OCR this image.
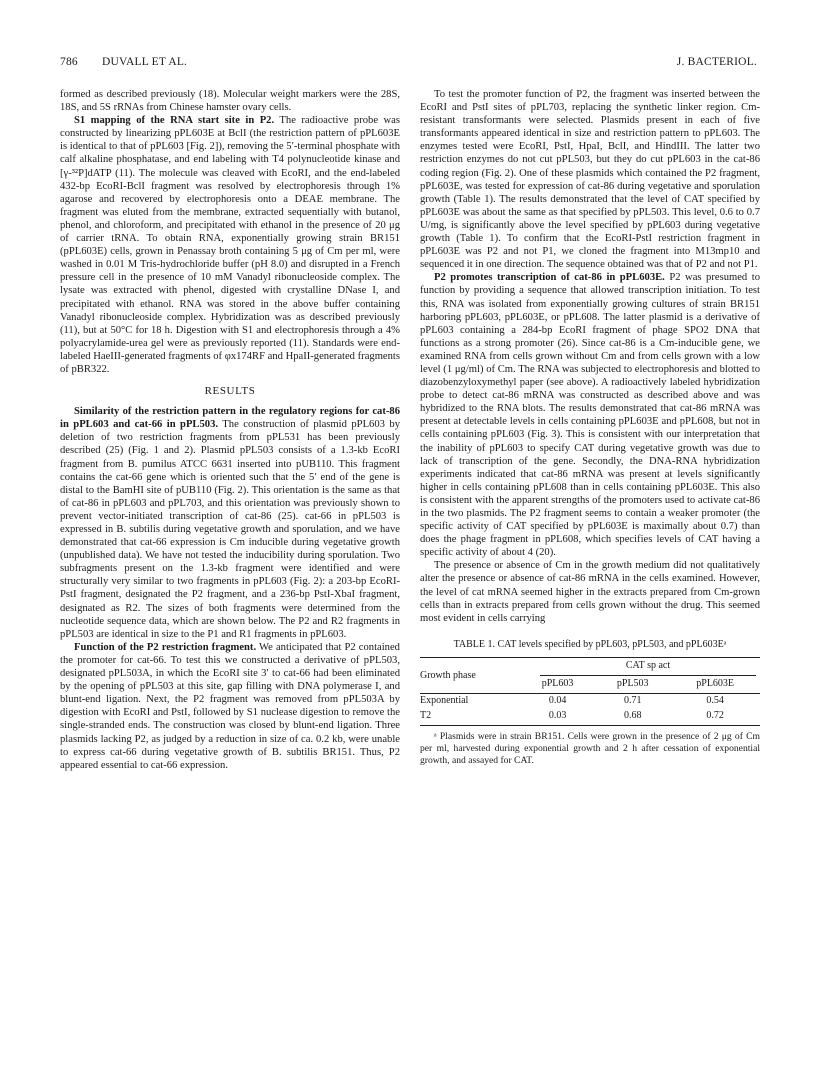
786 DUVALL ET AL.	J. BACTERIOL.

formed as described previously (18). Molecular weight markers were the 28S, 18S, and 5S rRNAs from Chinese hamster ovary cells.

S1 mapping of the RNA start site in P2. The radioactive probe was constructed by linearizing pPL603E at BclI (the restriction pattern of pPL603E is identical to that of pPL603 [Fig. 2]), removing the 5′-terminal phosphate with calf alkaline phosphatase, and end labeling with T4 polynucleotide kinase and [γ-³²P]dATP (11). The molecule was cleaved with EcoRI, and the end-labeled 432-bp EcoRI-BclI fragment was resolved by electrophoresis through 1% agarose and recovered by electrophoresis onto a DEAE membrane. The fragment was eluted from the membrane, extracted sequentially with butanol, phenol, and chloroform, and precipitated with ethanol in the presence of 20 μg of carrier tRNA. To obtain RNA, exponentially growing strain BR151 (pPL603E) cells, grown in Penassay broth containing 5 μg of Cm per ml, were washed in 0.01 M Tris-hydrochloride buffer (pH 8.0) and disrupted in a French pressure cell in the presence of 10 mM Vanadyl ribonucleoside complex. The lysate was extracted with phenol, digested with crystalline DNase I, and precipitated with ethanol. RNA was stored in the above buffer containing Vanadyl ribonucleoside complex. Hybridization was as described previously (11), but at 50°C for 18 h. Digestion with S1 and electrophoresis through a 4% polyacrylamide-urea gel were as previously reported (11). Standards were end-labeled HaeIII-generated fragments of φx174RF and HpaII-generated fragments of pBR322.

RESULTS

Similarity of the restriction pattern in the regulatory regions for cat-86 in pPL603 and cat-66 in pPL503. The construction of plasmid pPL603 by deletion of two restriction fragments from pPL531 has been previously described (25) (Fig. 1 and 2). Plasmid pPL503 consists of a 1.3-kb EcoRI fragment from B. pumilus ATCC 6631 inserted into pUB110. This fragment contains the cat-66 gene which is oriented such that the 5′ end of the gene is distal to the BamHI site of pUB110 (Fig. 2). This orientation is the same as that of cat-86 in pPL603 and pPL703, and this orientation was previously shown to prevent vector-initiated transcription of cat-86 (25). cat-66 in pPL503 is expressed in B. subtilis during vegetative growth and sporulation, and we have demonstrated that cat-66 expression is Cm inducible during vegetative growth (unpublished data). We have not tested the inducibility during sporulation. Two subfragments present on the 1.3-kb fragment were identified and were structurally very similar to two fragments in pPL603 (Fig. 2): a 203-bp EcoRI-PstI fragment, designated the P2 fragment, and a 236-bp PstI-XbaI fragment, designated as R2. The sizes of both fragments were determined from the nucleotide sequence data, which are shown below. The P2 and R2 fragments in pPL503 are identical in size to the P1 and R1 fragments in pPL603.

Function of the P2 restriction fragment. We anticipated that P2 contained the promoter for cat-66. To test this we constructed a derivative of pPL503, designated pPL503A, in which the EcoRI site 3′ to cat-66 had been eliminated by the opening of pPL503 at this site, gap filling with DNA polymerase I, and blunt-end ligation. Next, the P2 fragment was removed from pPL503A by digestion with EcoRI and PstI, followed by S1 nuclease digestion to remove the single-stranded ends. The construction was closed by blunt-end ligation. Three plasmids lacking P2, as judged by a reduction in size of ca. 0.2 kb, were unable to express cat-66 during vegetative growth of B. subtilis BR151. Thus, P2 appeared essential to cat-66 expression.

To test the promoter function of P2, the fragment was inserted between the EcoRI and PstI sites of pPL703, replacing the synthetic linker region. Cm-resistant transformants were selected. Plasmids present in each of five transformants appeared identical in size and restriction pattern to pPL603. The enzymes tested were EcoRI, PstI, HpaI, BclI, and HindIII. The latter two restriction enzymes do not cut pPL503, but they do cut pPL603 in the cat-86 coding region (Fig. 2). One of these plasmids which contained the P2 fragment, pPL603E, was tested for expression of cat-86 during vegetative and sporulation growth (Table 1). The results demonstrated that the level of CAT specified by pPL603E was about the same as that specified by pPL503. This level, 0.6 to 0.7 U/mg, is significantly above the level specified by pPL603 during vegetative growth (Table 1). To confirm that the EcoRI-PstI restriction fragment in pPL603E was P2 and not P1, we cloned the fragment into M13mp10 and sequenced it in one direction. The sequence obtained was that of P2 and not P1.

P2 promotes transcription of cat-86 in pPL603E. P2 was presumed to function by providing a sequence that allowed transcription initiation. To test this, RNA was isolated from exponentially growing cultures of strain BR151 harboring pPL603, pPL603E, or pPL608. The latter plasmid is a derivative of pPL603 containing a 284-bp EcoRI fragment of phage SPO2 DNA that functions as a strong promoter (26). Since cat-86 is a Cm-inducible gene, we examined RNA from cells grown without Cm and from cells grown with a low level (1 μg/ml) of Cm. The RNA was subjected to electrophoresis and blotted to diazobenzyloxymethyl paper (see above). A radioactively labeled hybridization probe to detect cat-86 mRNA was constructed as described above and was hybridized to the RNA blots. The results demonstrated that cat-86 mRNA was present at detectable levels in cells containing pPL603E and pPL608, but not in cells containing pPL603 (Fig. 3). This is consistent with our interpretation that the inability of pPL603 to specify CAT during vegetative growth was due to lack of transcription of the gene. Secondly, the DNA-RNA hybridization experiments indicated that cat-86 mRNA was present at levels significantly higher in cells containing pPL608 than in cells containing pPL603E. This also is consistent with the apparent strengths of the promoters used to activate cat-86 in the two plasmids. The P2 fragment seems to contain a weaker promoter (the specific activity of CAT specified by pPL603E is maximally about 0.7) than does the phage fragment in pPL608, which specifies levels of CAT having a specific activity of about 4 (20).

The presence or absence of Cm in the growth medium did not qualitatively alter the presence or absence of cat-86 mRNA in the cells examined. However, the level of cat mRNA seemed higher in the extracts prepared from Cm-grown cells than in extracts prepared from cells grown without the drug. This seemed most evident in cells carrying

TABLE 1. CAT levels specified by pPL603, pPL503, and pPL603Eᵃ
Growth phase	CAT sp act		

	pPL603	pPL503	pPL603E
Exponential	0.04	0.71	0.54
T2	0.03	0.68	0.72
ᵃ Plasmids were in strain BR151. Cells were grown in the presence of 2 μg of Cm per ml, harvested during exponential growth and 2 h after cessation of exponential growth, and assayed for CAT.
